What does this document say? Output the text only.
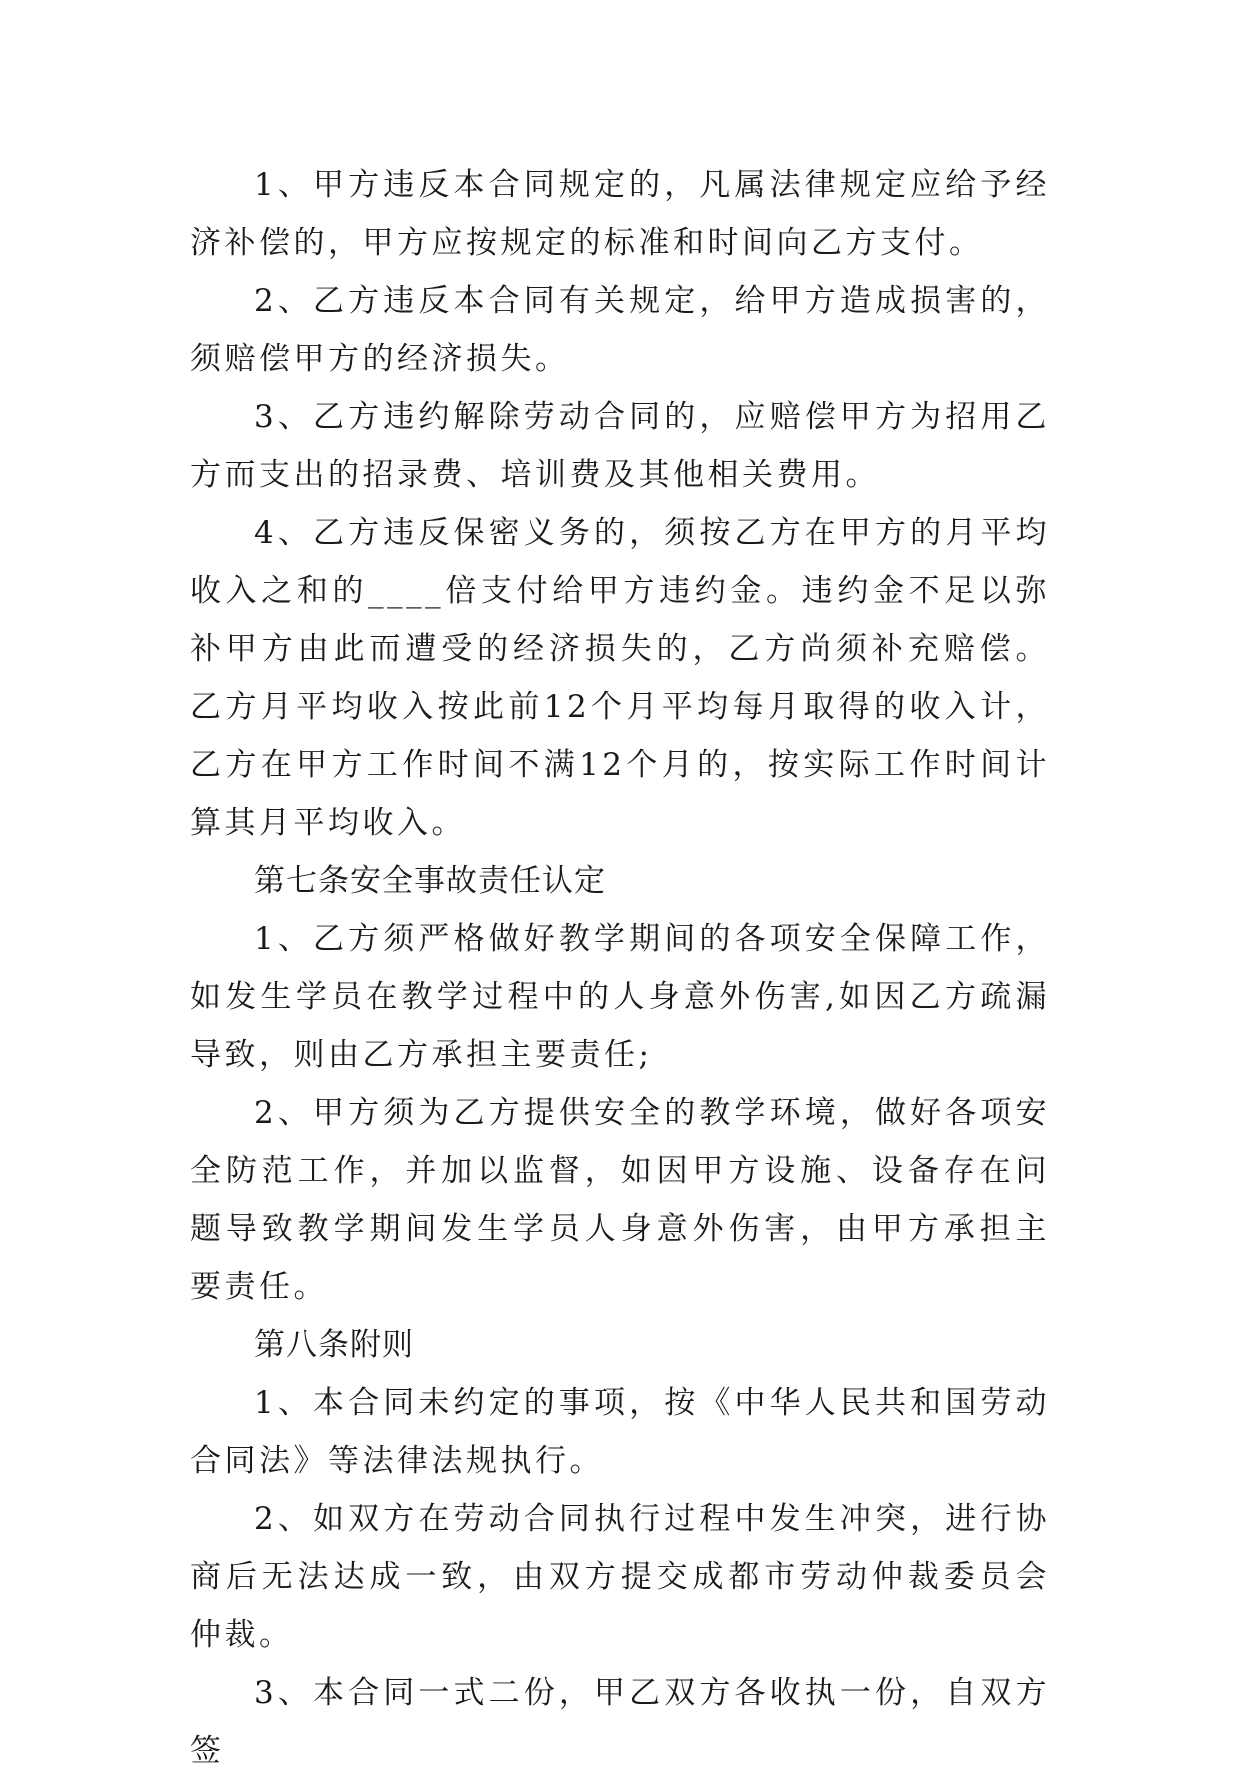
1、甲方违反本合同规定的，凡属法律规定应给予经济补偿的，甲方应按规定的标准和时间向乙方支付。

2、乙方违反本合同有关规定，给甲方造成损害的，须赔偿甲方的经济损失。

3、乙方违约解除劳动合同的，应赔偿甲方为招用乙方而支出的招录费、培训费及其他相关费用。

4、乙方违反保密义务的，须按乙方在甲方的月平均收入之和的____倍支付给甲方违约金。违约金不足以弥补甲方由此而遭受的经济损失的，乙方尚须补充赔偿。乙方月平均收入按此前12个月平均每月取得的收入计，乙方在甲方工作时间不满12个月的，按实际工作时间计算其月平均收入。

第七条安全事故责任认定

1、乙方须严格做好教学期间的各项安全保障工作，如发生学员在教学过程中的人身意外伤害,如因乙方疏漏导致，则由乙方承担主要责任;

2、甲方须为乙方提供安全的教学环境，做好各项安全防范工作，并加以监督，如因甲方设施、设备存在问题导致教学期间发生学员人身意外伤害，由甲方承担主要责任。

第八条附则

1、本合同未约定的事项，按《中华人民共和国劳动合同法》等法律法规执行。

2、如双方在劳动合同执行过程中发生冲突，进行协商后无法达成一致，由双方提交成都市劳动仲裁委员会仲裁。

3、本合同一式二份，甲乙双方各收执一份，自双方签
